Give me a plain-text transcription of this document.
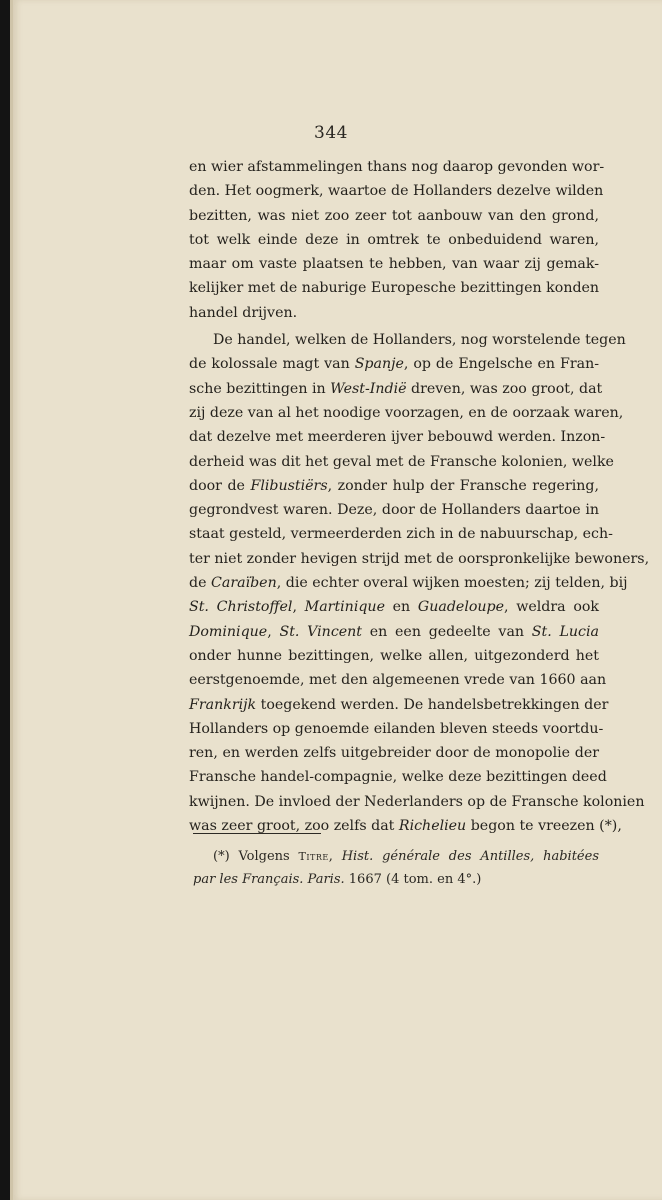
344
en wier afstammelingen thans nog daarop gevonden wor-
den. Het oogmerk, waartoe de Hollanders dezelve wilden
bezitten, was niet zoo zeer tot aanbouw van den grond,
tot welk einde deze in omtrek te onbeduidend waren,
maar om vaste plaatsen te hebben, van waar zij gemak-
kelijker met de naburige Europesche bezittingen konden
handel drijven.
De handel, welken de Hollanders, nog worstelende tegen
de kolossale magt van Spanje, op de Engelsche en Fran-
sche bezittingen in West-Indië dreven, was zoo groot, dat
zij deze van al het noodige voorzagen, en de oorzaak waren,
dat dezelve met meerderen ijver bebouwd werden. Inzon-
derheid was dit het geval met de Fransche kolonien, welke
door de Flibustiërs, zonder hulp der Fransche regering,
gegrondvest waren. Deze, door de Hollanders daartoe in
staat gesteld, vermeerderden zich in de nabuurschap, ech-
ter niet zonder hevigen strijd met de oorspronkelijke bewoners,
de Caraïben, die echter overal wijken moesten; zij telden, bij
St. Christoffel, Martinique en Guadeloupe, weldra ook
Dominique, St. Vincent en een gedeelte van St. Lucia
onder hunne bezittingen, welke allen, uitgezonderd het
eerstgenoemde, met den algemeenen vrede van 1660 aan
Frankrijk toegekend werden. De handelsbetrekkingen der
Hollanders op genoemde eilanden bleven steeds voortdu-
ren, en werden zelfs uitgebreider door de monopolie der
Fransche handel-compagnie, welke deze bezittingen deed
kwijnen. De invloed der Nederlanders op de Fransche kolonien
was zeer groot, zoo zelfs dat Richelieu begon te vreezen (*),
(*) Volgens Titre, Hist. générale des Antilles, habitées
par les Français. Paris. 1667 (4 tom. en 4°.)
